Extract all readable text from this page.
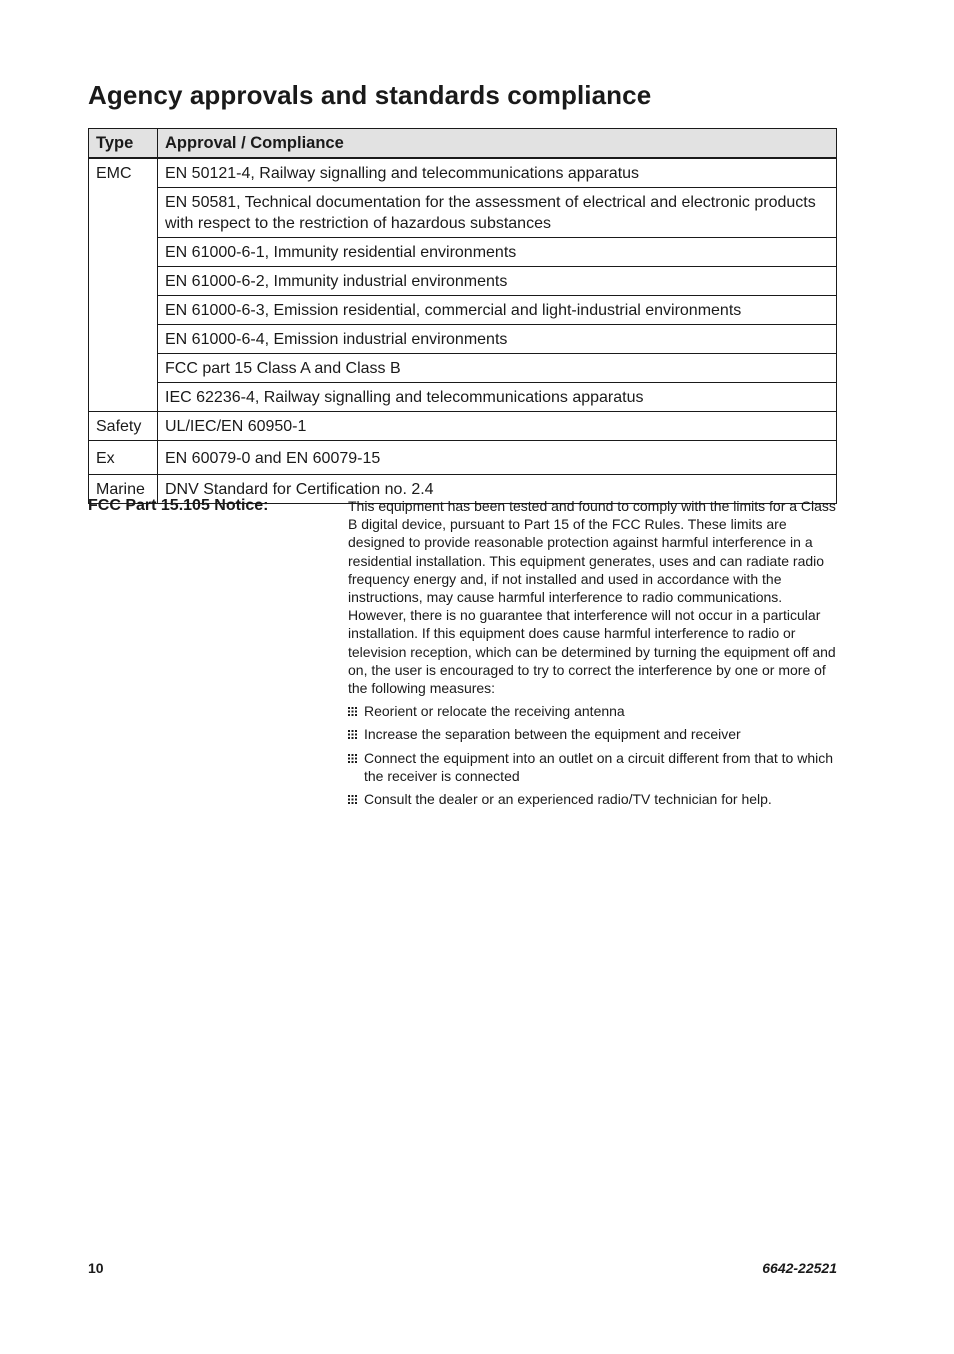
Agency approvals and standards compliance
Type	Approval / Compliance
EMC	EN 50121-4, Railway signalling and telecommunications apparatus
	EN 50581, Technical documentation for the assessment of electrical and electronic products with respect to the restriction of hazardous substances
	EN 61000-6-1, Immunity residential environments
	EN 61000-6-2, Immunity industrial environments
	EN 61000-6-3, Emission residential, commercial and light-industrial environments
	EN 61000-6-4, Emission industrial environments
	FCC part 15 Class A and Class B
	IEC 62236-4, Railway signalling and telecommunications apparatus
Safety	UL/IEC/EN 60950-1
Ex	EN 60079-0 and EN 60079-15
Marine	DNV Standard for Certification no. 2.4
FCC Part 15.105 Notice:	This equipment has been tested and found to comply with the limits for a Class B digital device, pursuant to Part 15 of the FCC Rules. These limits are designed to provide reasonable protection against harmful interference in a residential installation. This equipment generates, uses and can radiate radio frequency energy and, if not installed and used in accordance with the instructions, may cause harmful interference to radio communications. However, there is no guarantee that interference will not occur in a particular installation. If this equipment does cause harmful interference to radio or television reception, which can be determined by turning the equipment off and on, the user is encouraged to try to correct the interference by one or more of the following measures:

Reorient or relocate the receiving antenna
Increase the separation between the equipment and receiver
Connect the equipment into an outlet on a circuit different from that to which the receiver is connected
Consult the dealer or an experienced radio/TV technician for help.
10	6642-22521
